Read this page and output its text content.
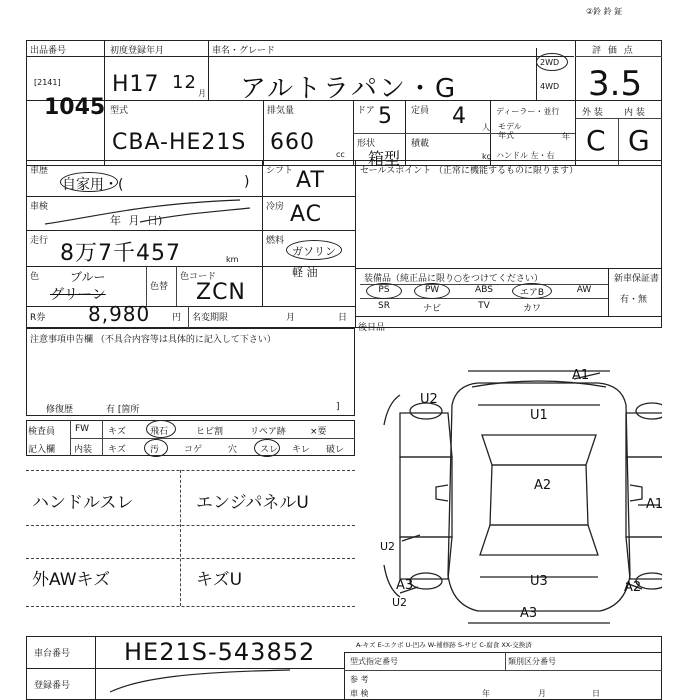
②鈴 鈴 鉦
出品番号
[2141]
1045
初度登録年月
H17 12
月
車名・グレード
アルトラパン・G
2WD
4WD
評 価 点
3.5
型式
CBA-HE21S
排気量
660	cc
ドア 5 定員 4 人
ディーラー・並行
モデル
年式	年
外 装 内 装
C G
形状
箱型
積載
kg ハンドル 左・右
車歴
自家用・(	)
シフト AT
車検
年 月 日)
冷房 AC
走行 8万7千457	km
燃料
ガソリン
軽 油
色	ブルー
グリーン	色替
色コード
ZCN
R券 8,980 円 名変期限	月	日
セールスポイント （正常に機能するものに限ります）
装備品（純正品に限り○をつけてください）	新車保証書
有・無
PS	PW	ABS	エアB	AW
SR	ナビ	TV	カワ
後日品
注意事項申告欄 （不具合内容等は具体的に記入して下さい）
修復歴	有 [箇所	]
検査員
記入欄
FW キズ	飛石	ヒビ割	リペア跡	×要
内装 キズ	汚	コゲ	穴	スレ キレ 破レ
ハンドルスレ	エンジパネルU
外AWキズ	キズU
A1
U2
U1
A2
A1
U2
A3	U3
A3
A2
U2
車台番号 HE21S-543852
登録番号
A-キズ E-エクボ U-凹み W-補修跡 S-サビ C-腐食 XX-交換済
型式指定番号	類別区分番号
参 考
車 検	年	月	日
